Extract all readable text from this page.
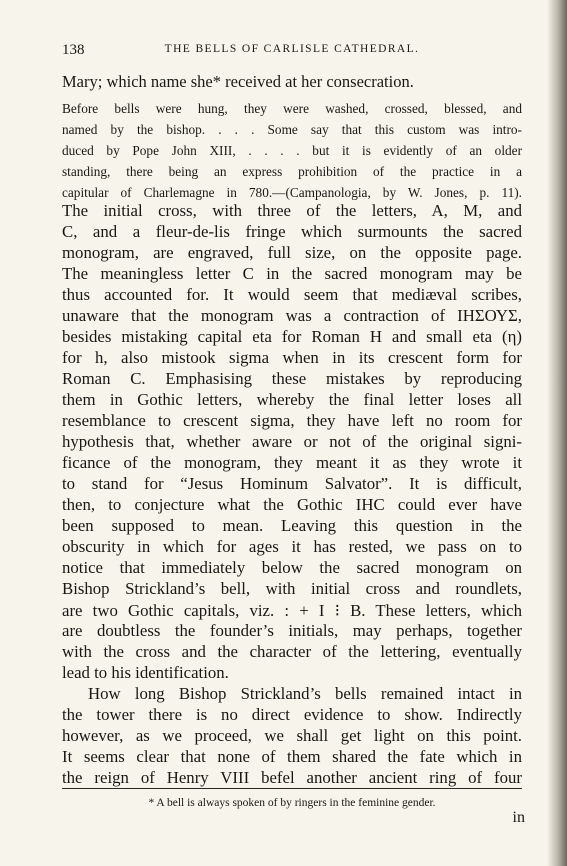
138	THE BELLS OF CARLISLE CATHEDRAL.
Mary; which name she* received at her consecration.
Before bells were hung, they were washed, crossed, blessed, and
named by the bishop. . . . Some say that this custom was intro-
duced by Pope John XIII, . . . . but it is evidently of an older
standing, there being an express prohibition of the practice in a
capitular of Charlemagne in 780.—(Campanologia, by W. Jones, p. 11).
The initial cross, with three of the letters, A, M, and
C, and a fleur-de-lis fringe which surmounts the sacred
monogram, are engraved, full size, on the opposite page.
The meaningless letter C in the sacred monogram may be
thus accounted for. It would seem that mediæval scribes,
unaware that the monogram was a contraction of ΙΗΣΟΥΣ,
besides mistaking capital eta for Roman H and small eta (η)
for h, also mistook sigma when in its crescent form for
Roman C. Emphasising these mistakes by reproducing
them in Gothic letters, whereby the final letter loses all
resemblance to crescent sigma, they have left no room for
hypothesis that, whether aware or not of the original signi-
ficance of the monogram, they meant it as they wrote it
to stand for “Jesus Hominum Salvator”. It is difficult,
then, to conjecture what the Gothic IHC could ever have
been supposed to mean. Leaving this question in the
obscurity in which for ages it has rested, we pass on to
notice that immediately below the sacred monogram on
Bishop Strickland’s bell, with initial cross and roundlets,
are two Gothic capitals, viz. : + I ⁝ B. These letters, which
are doubtless the founder’s initials, may perhaps, together
with the cross and the character of the lettering, eventually
lead to his identification.
How long Bishop Strickland’s bells remained intact in
the tower there is no direct evidence to show. Indirectly
however, as we proceed, we shall get light on this point.
It seems clear that none of them shared the fate which in
the reign of Henry VIII befel another ancient ring of four
* A bell is always spoken of by ringers in the feminine gender.
in
